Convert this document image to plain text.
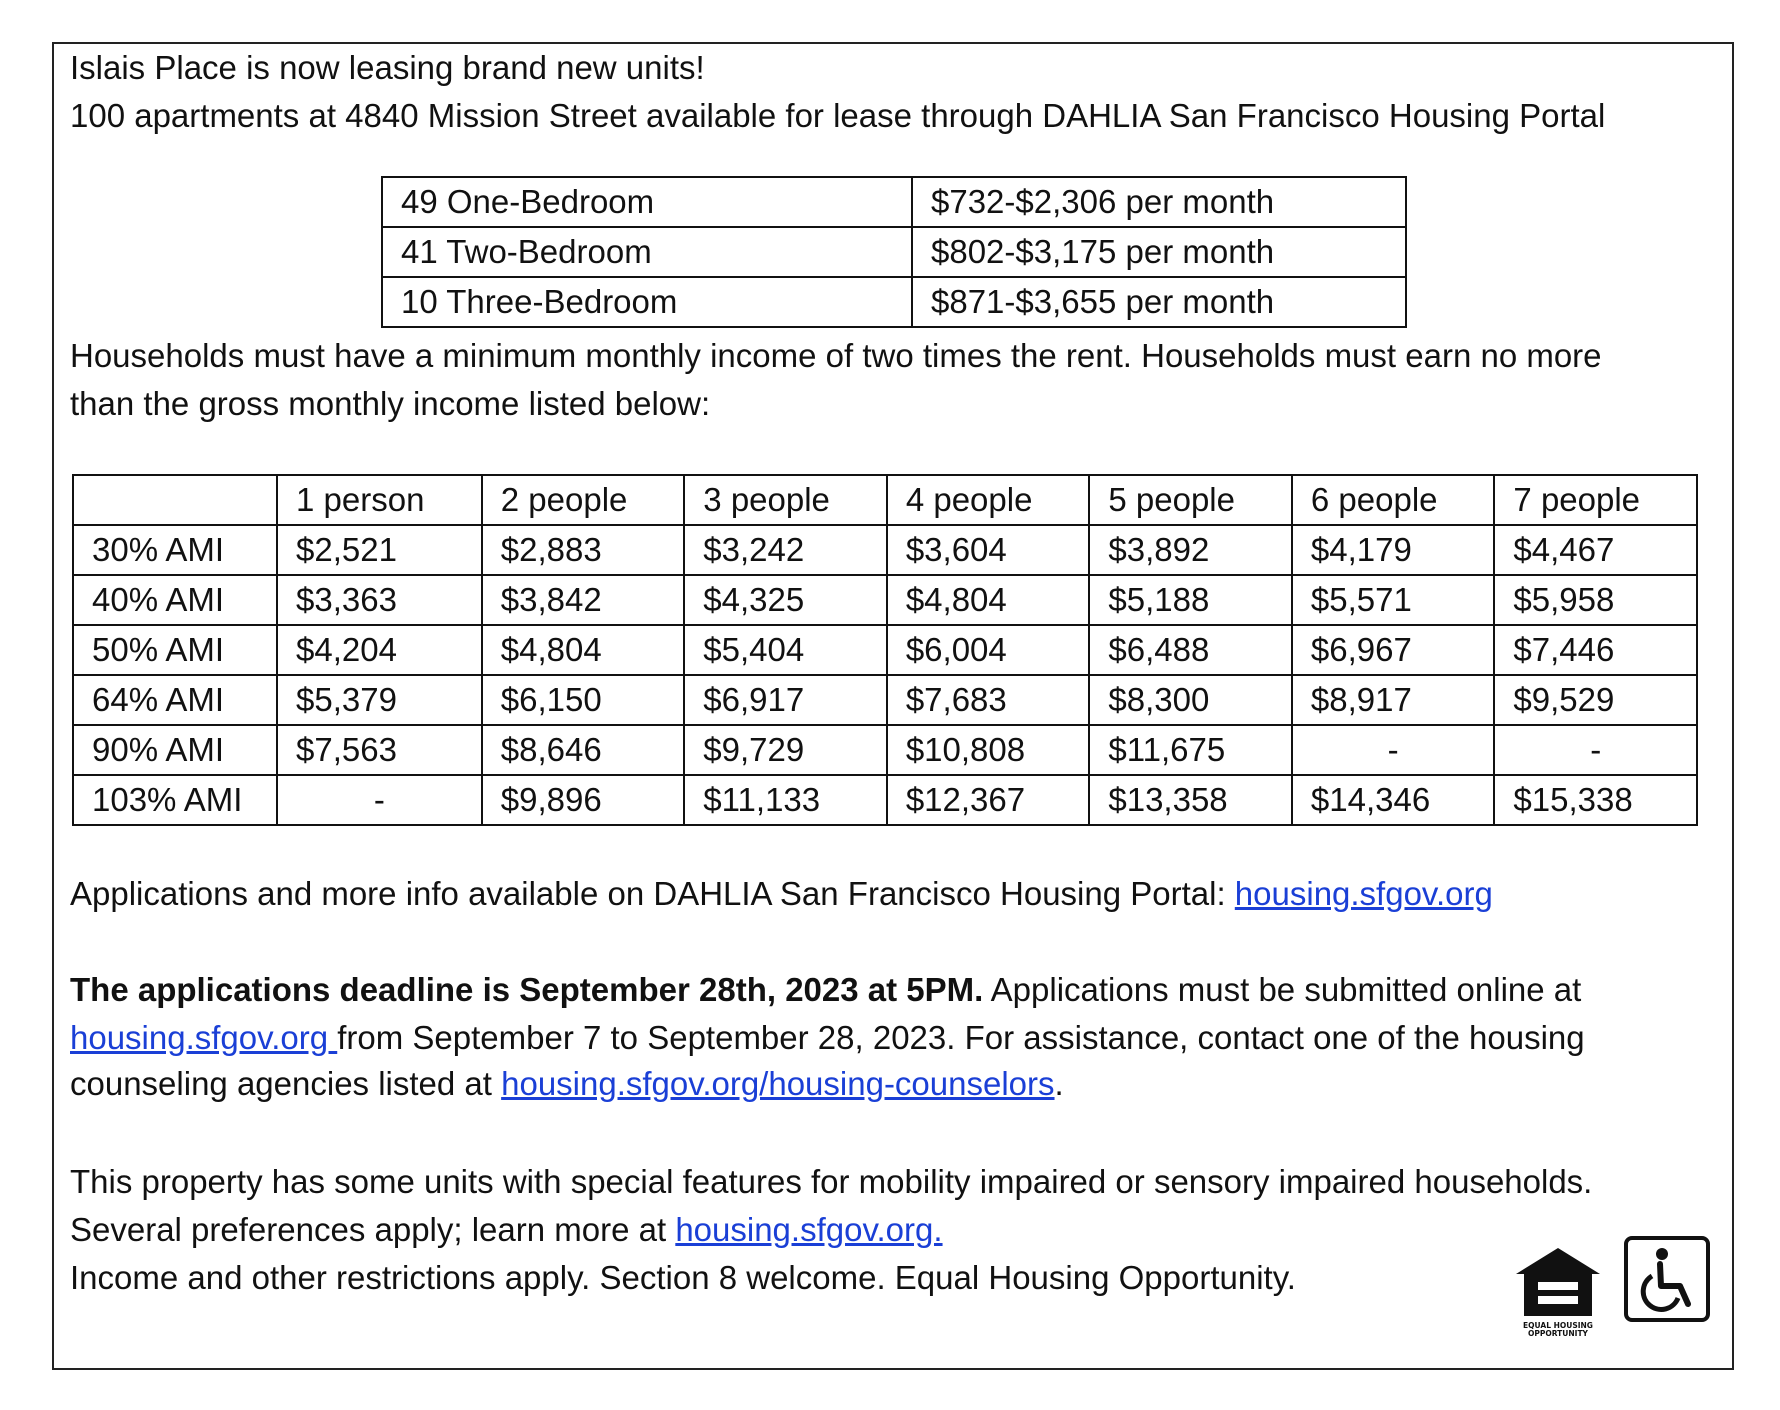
Islais Place is now leasing brand new units!
100 apartments at 4840 Mission Street available for lease through DAHLIA San Francisco Housing Portal
49 One-Bedroom	$732-$2,306 per month
41 Two-Bedroom	$802-$3,175 per month
10 Three-Bedroom	$871-$3,655 per month
Households must have a minimum monthly income of two times the rent. Households must earn no more
than the gross monthly income listed below:
	1 person	2 people	3 people	4 people	5 people	6 people	7 people
30% AMI	$2,521	$2,883	$3,242	$3,604	$3,892	$4,179	$4,467
40% AMI	$3,363	$3,842	$4,325	$4,804	$5,188	$5,571	$5,958
50% AMI	$4,204	$4,804	$5,404	$6,004	$6,488	$6,967	$7,446
64% AMI	$5,379	$6,150	$6,917	$7,683	$8,300	$8,917	$9,529
90% AMI	$7,563	$8,646	$9,729	$10,808	$11,675	-	-
103% AMI	-	$9,896	$11,133	$12,367	$13,358	$14,346	$15,338
Applications and more info available on DAHLIA San Francisco Housing Portal: housing.sfgov.org
The applications deadline is September 28th, 2023 at 5PM. Applications must be submitted online at
housing.sfgov.org from September 7 to September 28, 2023. For assistance, contact one of the housing
counseling agencies listed at housing.sfgov.org/housing-counselors.
This property has some units with special features for mobility impaired or sensory impaired households.
Several preferences apply; learn more at housing.sfgov.org.
Income and other restrictions apply. Section 8 welcome. Equal Housing Opportunity.
EQUAL HOUSING
OPPORTUNITY
